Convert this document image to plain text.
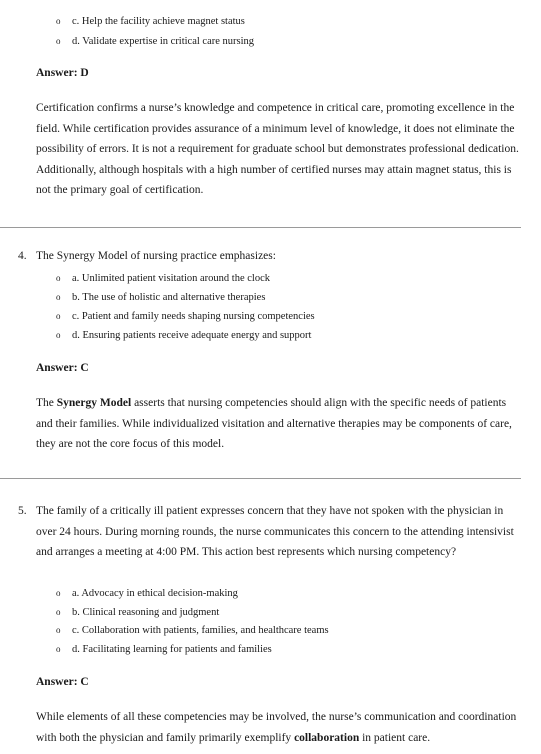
o c. Help the facility achieve magnet status
o d. Validate expertise in critical care nursing
Answer: D
Certification confirms a nurse’s knowledge and competence in critical care, promoting excellence in the field. While certification provides assurance of a minimum level of knowledge, it does not eliminate the possibility of errors. It is not a requirement for graduate school but demonstrates professional dedication. Additionally, although hospitals with a high number of certified nurses may attain magnet status, this is not the primary goal of certification.
4. The Synergy Model of nursing practice emphasizes:
o a. Unlimited patient visitation around the clock
o b. The use of holistic and alternative therapies
o c. Patient and family needs shaping nursing competencies
o d. Ensuring patients receive adequate energy and support
Answer: C
The Synergy Model asserts that nursing competencies should align with the specific needs of patients and their families. While individualized visitation and alternative therapies may be components of care, they are not the core focus of this model.
5. The family of a critically ill patient expresses concern that they have not spoken with the physician in over 24 hours. During morning rounds, the nurse communicates this concern to the attending intensivist and arranges a meeting at 4:00 PM. This action best represents which nursing competency?
o a. Advocacy in ethical decision-making
o b. Clinical reasoning and judgment
o c. Collaboration with patients, families, and healthcare teams
o d. Facilitating learning for patients and families
Answer: C
While elements of all these competencies may be involved, the nurse’s communication and coordination with both the physician and family primarily exemplify collaboration in patient care.
